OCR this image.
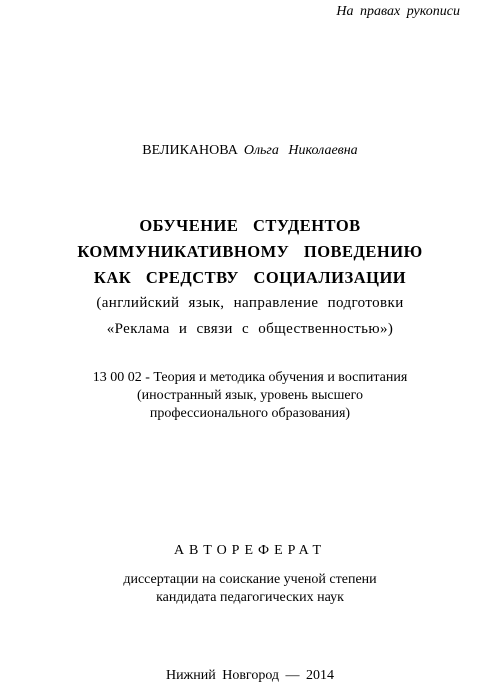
На правах рукописи
ВЕЛИКАНОВА Ольга Николаевна
ОБУЧЕНИЕ СТУДЕНТОВ
КОММУНИКАТИВНОМУ ПОВЕДЕНИЮ
КАК СРЕДСТВУ СОЦИАЛИЗАЦИИ
(английский язык, направление подготовки
«Реклама и связи с общественностью»)
13 00 02 - Теория и методика обучения и воспитания
(иностранный язык, уровень высшего
профессионального образования)
АВТОРЕФЕРАТ
диссертации на соискание ученой степени
кандидата педагогических наук
Нижний Новгород — 2014
